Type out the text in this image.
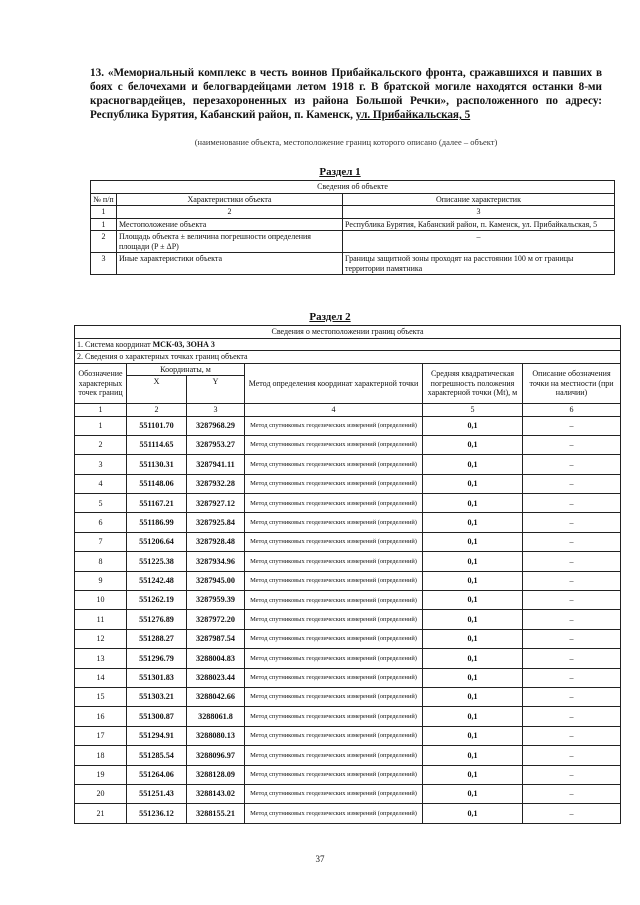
13. «Мемориальный комплекс в честь воинов Прибайкальского фронта, сражавшихся и павших в боях с белочехами и белогвардейцами летом 1918 г. В братской могиле находятся останки 8-ми красногвардейцев, перезахороненных из района Большой Речки», расположенного по адресу: Республика Бурятия, Кабанский район, п. Каменск, ул. Прибайкальская, 5
(наименование объекта, местоположение границ которого описано (далее – объект)
Раздел 1
Сведения об объекте		
№ п/п	Характеристики объекта	Описание характеристик
1	2	3
1	Местоположение объекта	Республика Бурятия, Кабанский район, п. Каменск, ул. Прибайкальская, 5
2	Площадь объекта ± величина погрешности определения площади (P ± ΔP)	–
3	Иные характеристики объекта	Границы защитной зоны проходят на расстоянии 100 м от границы территории памятника
Раздел 2
Сведения о местоположении границ объекта					
1. Система координат МСК-03, ЗОНА 3					
2. Сведения о характерных точках границ объекта					
Обозначение характерных точек границ	Координаты, м		Метод определения координат характерной точки	Средняя квадратическая погрешность положения характерной точки (Mt), м	Описание обозначения точки на местности (при наличии)
	X	Y			
1	2	3	4	5	6
1	551101.70	3287968.29	Метод спутниковых геодезических измерений (определений)	0,1	–
2	551114.65	3287953.27	Метод спутниковых геодезических измерений (определений)	0,1	–
3	551130.31	3287941.11	Метод спутниковых геодезических измерений (определений)	0,1	–
4	551148.06	3287932.28	Метод спутниковых геодезических измерений (определений)	0,1	–
5	551167.21	3287927.12	Метод спутниковых геодезических измерений (определений)	0,1	–
6	551186.99	3287925.84	Метод спутниковых геодезических измерений (определений)	0,1	–
7	551206.64	3287928.48	Метод спутниковых геодезических измерений (определений)	0,1	–
8	551225.38	3287934.96	Метод спутниковых геодезических измерений (определений)	0,1	–
9	551242.48	3287945.00	Метод спутниковых геодезических измерений (определений)	0,1	–
10	551262.19	3287959.39	Метод спутниковых геодезических измерений (определений)	0,1	–
11	551276.89	3287972.20	Метод спутниковых геодезических измерений (определений)	0,1	–
12	551288.27	3287987.54	Метод спутниковых геодезических измерений (определений)	0,1	–
13	551296.79	3288004.83	Метод спутниковых геодезических измерений (определений)	0,1	–
14	551301.83	3288023.44	Метод спутниковых геодезических измерений (определений)	0,1	–
15	551303.21	3288042.66	Метод спутниковых геодезических измерений (определений)	0,1	–
16	551300.87	3288061.8	Метод спутниковых геодезических измерений (определений)	0,1	–
17	551294.91	3288080.13	Метод спутниковых геодезических измерений (определений)	0,1	–
18	551285.54	3288096.97	Метод спутниковых геодезических измерений (определений)	0,1	–
19	551264.06	3288128.09	Метод спутниковых геодезических измерений (определений)	0,1	–
20	551251.43	3288143.02	Метод спутниковых геодезических измерений (определений)	0,1	–
21	551236.12	3288155.21	Метод спутниковых геодезических измерений (определений)	0,1	–
37
